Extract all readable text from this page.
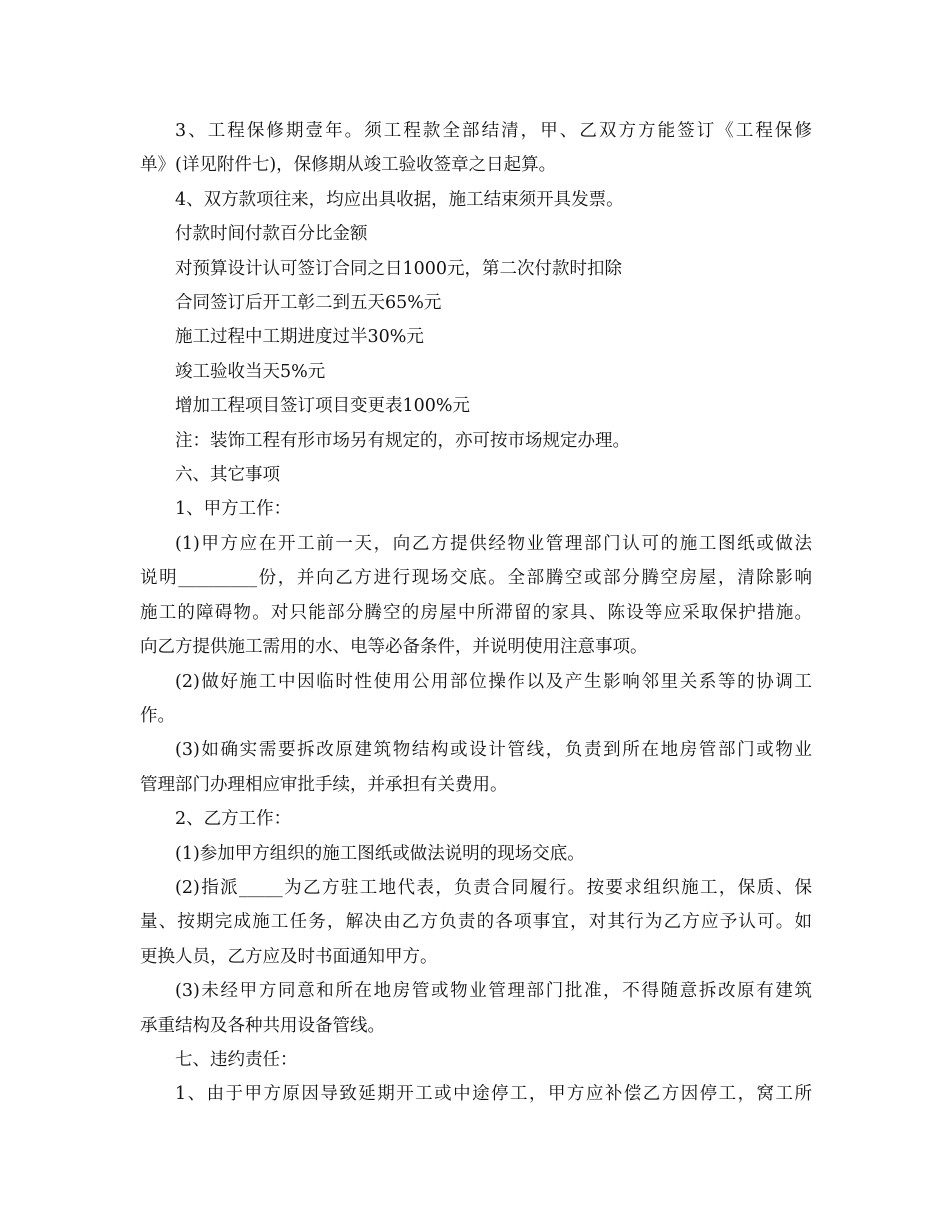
3、工程保修期壹年。须工程款全部结清，甲、乙双方方能签订《工程保修
单》(详见附件七)，保修期从竣工验收签章之日起算。
4、双方款项往来，均应出具收据，施工结束须开具发票。
付款时间付款百分比金额
对预算设计认可签订合同之日1000元，第二次付款时扣除
合同签订后开工彰二到五天65%元
施工过程中工期进度过半30%元
竣工验收当天5%元
增加工程项目签订项目变更表100%元
注：装饰工程有形市场另有规定的，亦可按市场规定办理。
六、其它事项
1、甲方工作：
(1)甲方应在开工前一天，向乙方提供经物业管理部门认可的施工图纸或做法
说明_________份，并向乙方进行现场交底。全部腾空或部分腾空房屋，清除影响
施工的障碍物。对只能部分腾空的房屋中所滞留的家具、陈设等应采取保护措施。
向乙方提供施工需用的水、电等必备条件，并说明使用注意事项。
(2)做好施工中因临时性使用公用部位操作以及产生影响邻里关系等的协调工
作。
(3)如确实需要拆改原建筑物结构或设计管线，负责到所在地房管部门或物业
管理部门办理相应审批手续，并承担有关费用。
2、乙方工作：
(1)参加甲方组织的施工图纸或做法说明的现场交底。
(2)指派_____为乙方驻工地代表，负责合同履行。按要求组织施工，保质、保
量、按期完成施工任务，解决由乙方负责的各项事宜，对其行为乙方应予认可。如
更换人员，乙方应及时书面通知甲方。
(3)未经甲方同意和所在地房管或物业管理部门批准，不得随意拆改原有建筑
承重结构及各种共用设备管线。
七、违约责任：
1、由于甲方原因导致延期开工或中途停工，甲方应补偿乙方因停工，窝工所
